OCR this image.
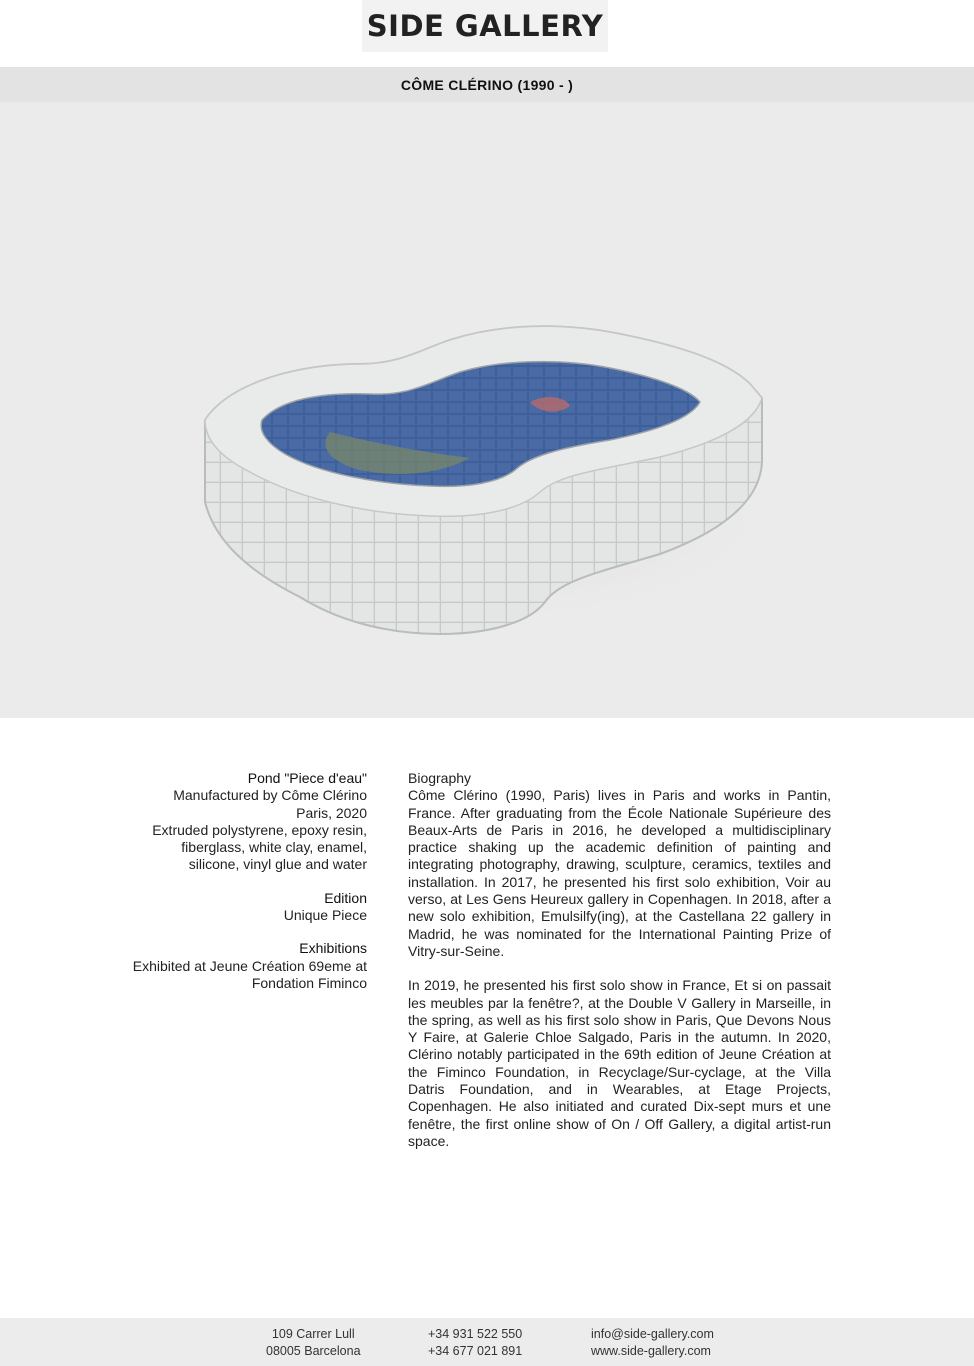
SIDE GALLERY
CÔME CLÉRINO (1990 - )
Pond "Piece d'eau"
Manufactured by Côme Clérino
Paris, 2020
Extruded polystyrene, epoxy resin,
fiberglass, white clay, enamel,
silicone, vinyl glue and water
Edition
Unique Piece
Exhibitions
Exhibited at Jeune Création 69eme at
Fondation Fiminco
Biography

Côme Clérino (1990, Paris) lives in Paris and works in Pantin, France. After graduating from the École Nationale Supérieure des Beaux-Arts de Paris in 2016, he developed a multidisciplinary practice shaking up the academic definition of painting and integrating photography, drawing, sculpture, ceramics, textiles and installation. In 2017, he presented his first solo exhibition, Voir au verso, at Les Gens Heureux gallery in Copenhagen. In 2018, after a new solo exhibition, Emulsilfy(ing), at the Castellana 22 gallery in Madrid, he was nominated for the International Painting Prize of Vitry-sur-Seine.

In 2019, he presented his first solo show in France, Et si on passait les meubles par la fenêtre?, at the Double V Gallery in Marseille, in the spring, as well as his first solo show in Paris, Que Devons Nous Y Faire, at Galerie Chloe Salgado, Paris in the autumn. In 2020, Clérino notably participated in the 69th edition of Jeune Création at the Fiminco Foundation, in Recyclage/Sur-cyclage, at the Villa Datris Foundation, and in Wearables, at Etage Projects, Copenhagen. He also initiated and curated Dix-sept murs et une fenêtre, the first online show of On / Off Gallery, a digital artist-run space.

109 Carrer Lull
08005 Barcelona
+34 931 522 550
+34 677 021 891
info@side-gallery.com
www.side-gallery.com
